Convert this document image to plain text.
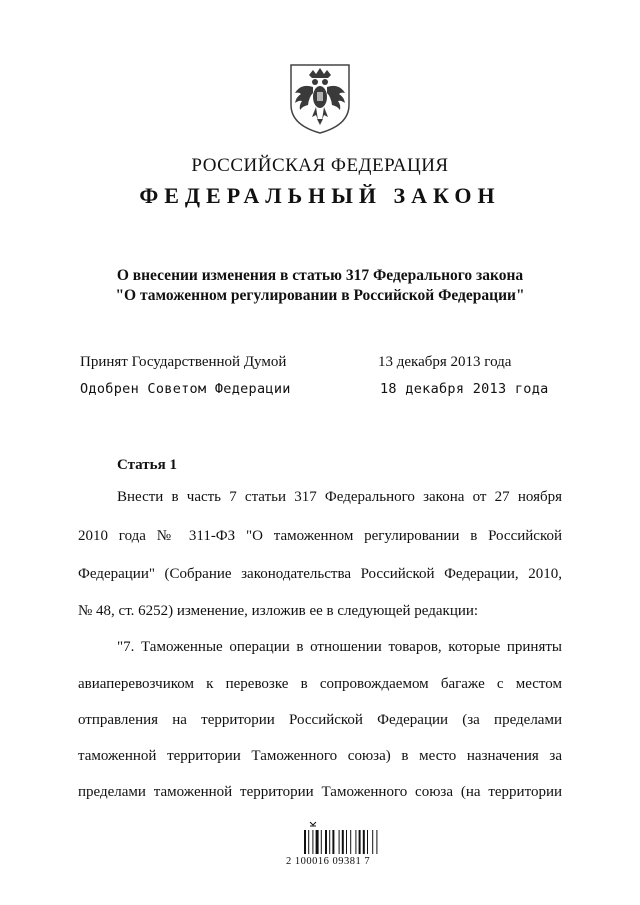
РОССИЙСКАЯ ФЕДЕРАЦИЯ
ФЕДЕРАЛЬНЫЙ ЗАКОН
О внесении изменения в статью 317 Федерального закона
"О таможенном регулировании в Российской Федерации"
Принят Государственной Думой	13 декабря 2013 года
Одобрен Советом Федерации	18 декабря 2013 года
Статья 1
Внести в часть 7 статьи 317 Федерального закона от 27 ноября
2010 года № 311-ФЗ "О таможенном регулировании в Российской
Федерации" (Собрание законодательства Российской Федерации, 2010,
№ 48, ст. 6252) изменение, изложив ее в следующей редакции:
"7. Таможенные операции в отношении товаров, которые приняты
авиаперевозчиком к перевозке в сопровождаемом багаже с местом
отправления на территории Российской Федерации (за пределами
таможенной территории Таможенного союза) в место назначения за
пределами таможенной территории Таможенного союза (на территории
2 100016 09381 7
